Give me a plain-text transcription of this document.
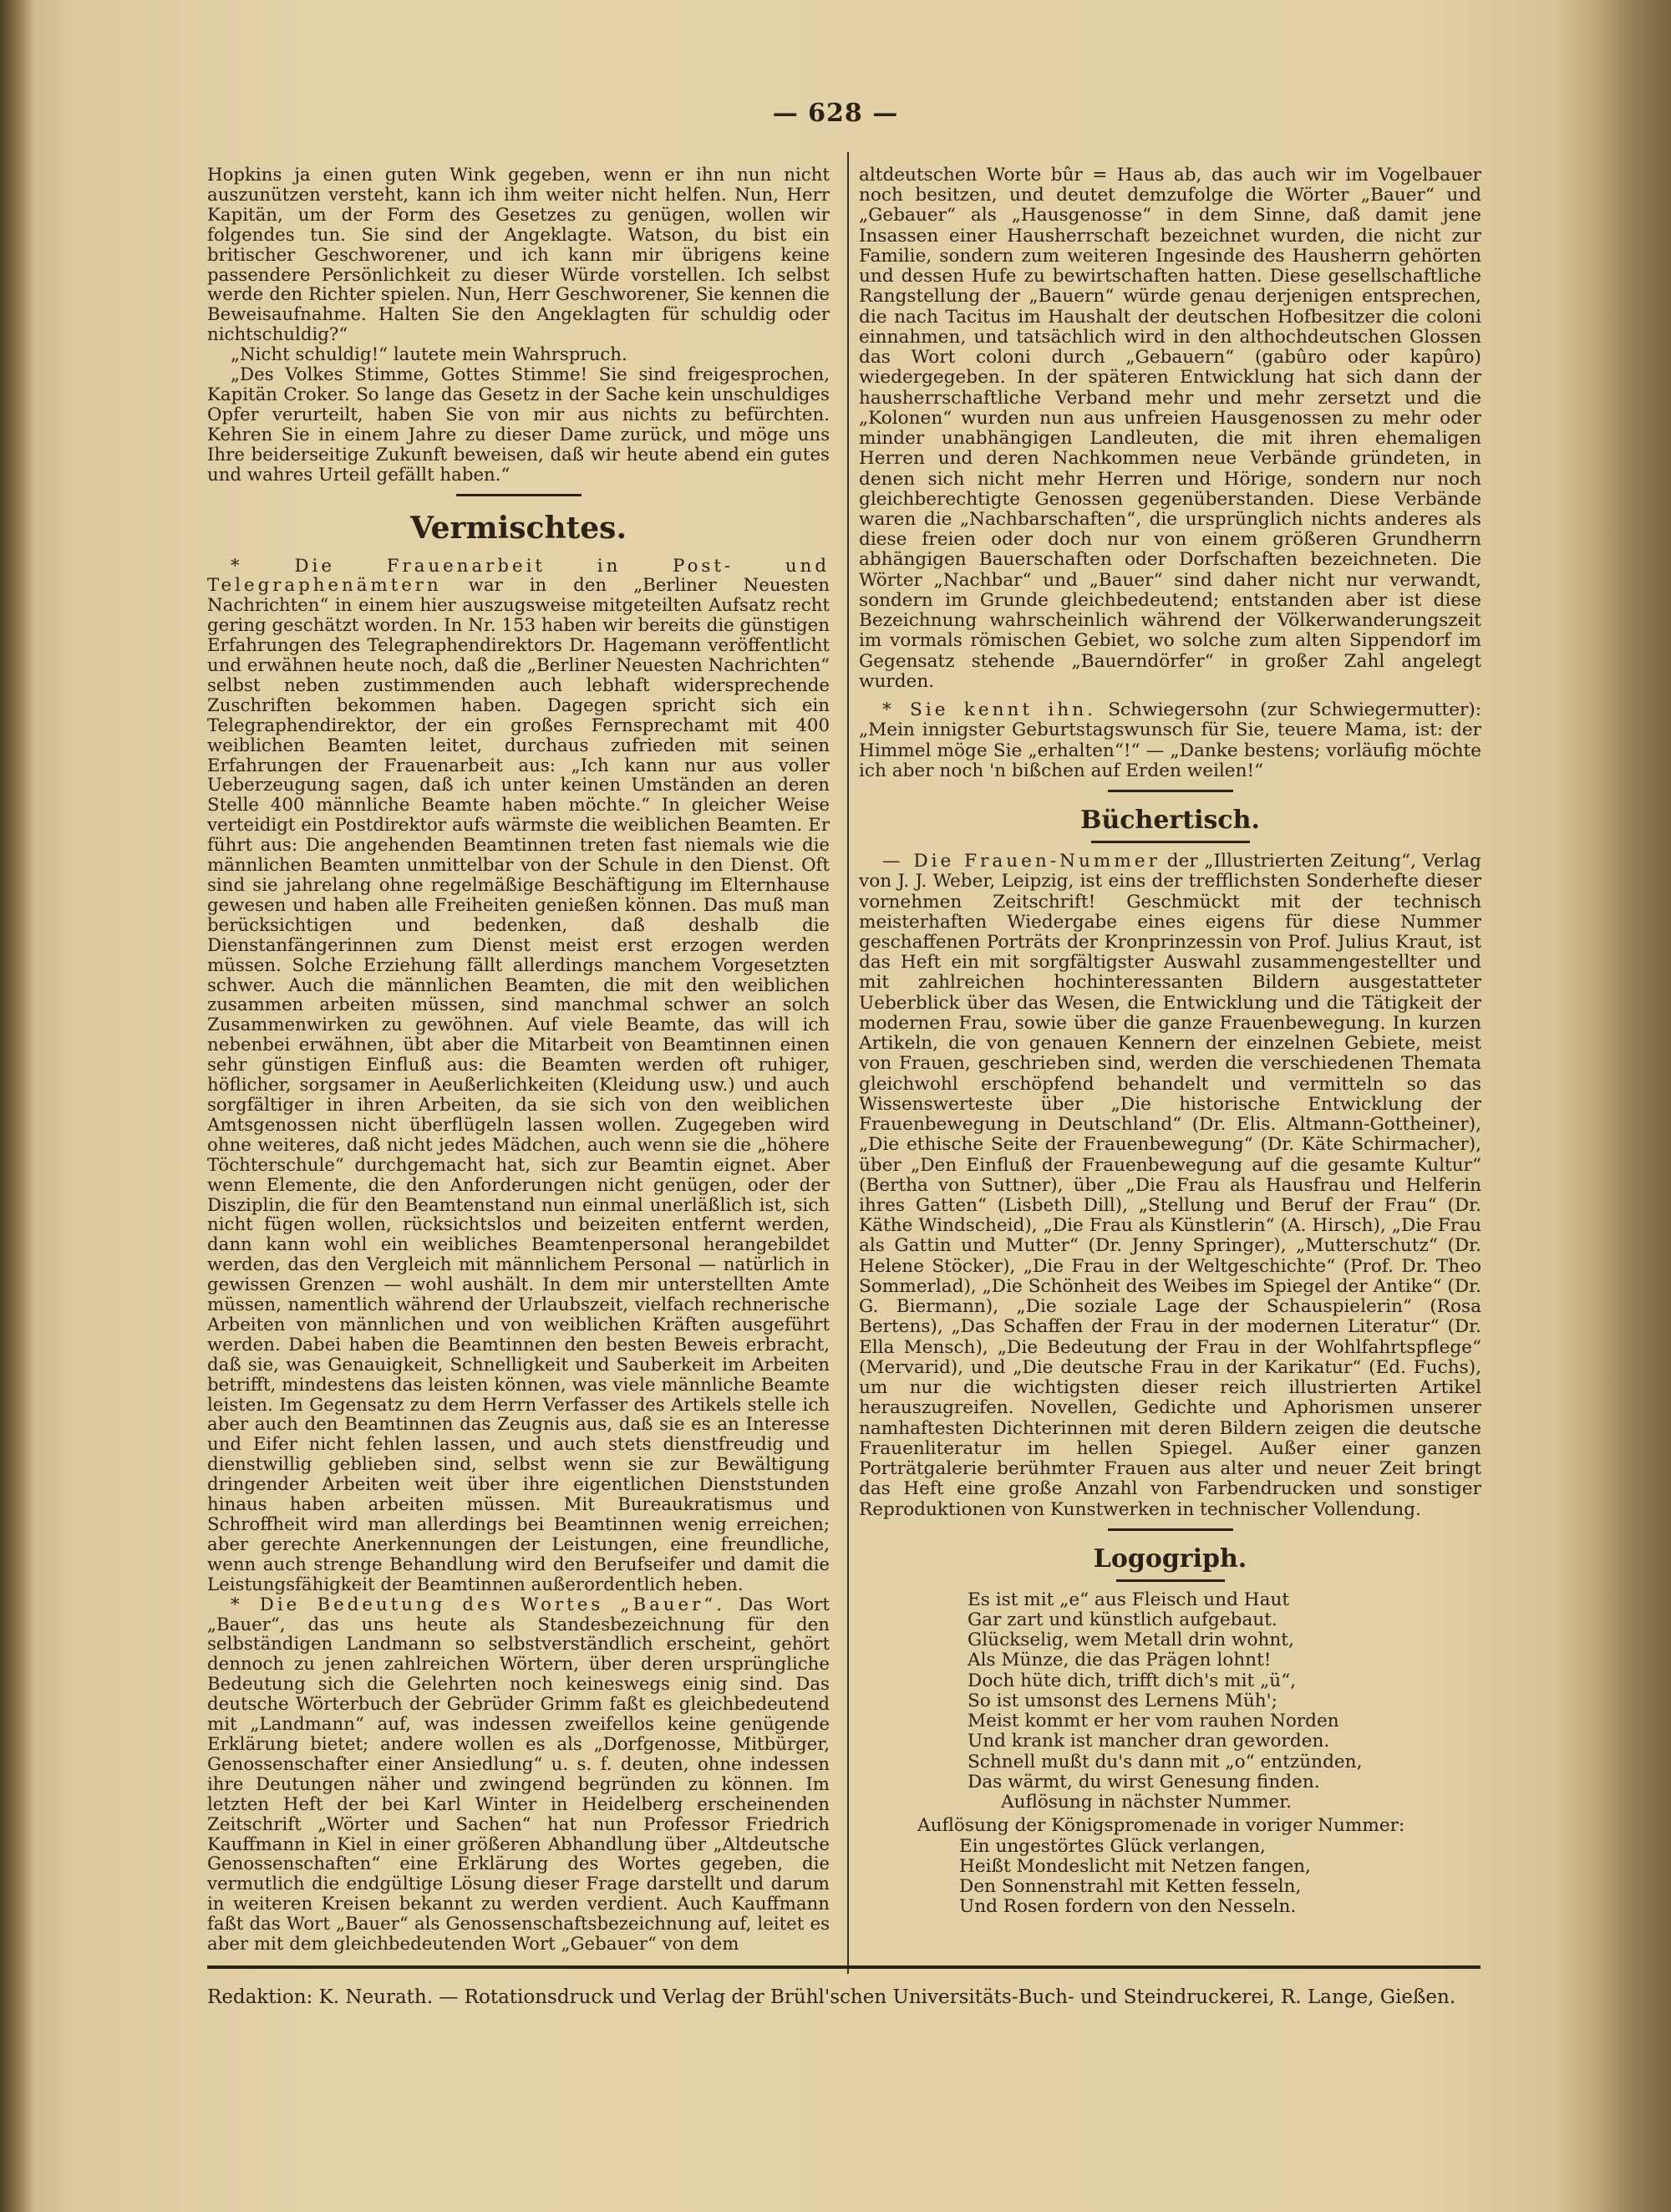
— 628 —

Hopkins ja einen guten Wink gegeben, wenn er ihn nun nicht auszunützen versteht, kann ich ihm weiter nicht helfen. Nun, Herr Kapitän, um der Form des Gesetzes zu genügen, wollen wir folgendes tun. Sie sind der Angeklagte. Watson, du bist ein britischer Geschworener, und ich kann mir übrigens keine passendere Persönlichkeit zu dieser Würde vorstellen. Ich selbst werde den Richter spielen. Nun, Herr Geschworener, Sie kennen die Beweisaufnahme. Halten Sie den Angeklagten für schuldig oder nichtschuldig?“

„Nicht schuldig!“ lautete mein Wahrspruch.

„Des Volkes Stimme, Gottes Stimme! Sie sind freigesprochen, Kapitän Croker. So lange das Gesetz in der Sache kein unschuldiges Opfer verurteilt, haben Sie von mir aus nichts zu befürchten. Kehren Sie in einem Jahre zu dieser Dame zurück, und möge uns Ihre beiderseitige Zukunft beweisen, daß wir heute abend ein gutes und wahres Urteil gefällt haben.“

Vermischtes.

* Die Frauenarbeit in Post- und Telegraphenämtern war in den „Berliner Neuesten Nachrichten“ in einem hier auszugsweise mitgeteilten Aufsatz recht gering geschätzt worden. In Nr. 153 haben wir bereits die günstigen Erfahrungen des Telegraphendirektors Dr. Hagemann veröffentlicht und erwähnen heute noch, daß die „Berliner Neuesten Nachrichten“ selbst neben zustimmenden auch lebhaft widersprechende Zuschriften bekommen haben. Dagegen spricht sich ein Telegraphendirektor, der ein großes Fernsprechamt mit 400 weiblichen Beamten leitet, durchaus zufrieden mit seinen Erfahrungen der Frauenarbeit aus: „Ich kann nur aus voller Ueberzeugung sagen, daß ich unter keinen Umständen an deren Stelle 400 männliche Beamte haben möchte.“ In gleicher Weise verteidigt ein Postdirektor aufs wärmste die weiblichen Beamten. Er führt aus: Die angehenden Beamtinnen treten fast niemals wie die männlichen Beamten unmittelbar von der Schule in den Dienst. Oft sind sie jahrelang ohne regelmäßige Beschäftigung im Elternhause gewesen und haben alle Freiheiten genießen können. Das muß man berücksichtigen und bedenken, daß deshalb die Dienstanfängerinnen zum Dienst meist erst erzogen werden müssen. Solche Erziehung fällt allerdings manchem Vorgesetzten schwer. Auch die männlichen Beamten, die mit den weiblichen zusammen arbeiten müssen, sind manchmal schwer an solch Zusammenwirken zu gewöhnen. Auf viele Beamte, das will ich nebenbei erwähnen, übt aber die Mitarbeit von Beamtinnen einen sehr günstigen Einfluß aus: die Beamten werden oft ruhiger, höflicher, sorgsamer in Aeußerlichkeiten (Kleidung usw.) und auch sorgfältiger in ihren Arbeiten, da sie sich von den weiblichen Amtsgenossen nicht überflügeln lassen wollen. Zugegeben wird ohne weiteres, daß nicht jedes Mädchen, auch wenn sie die „höhere Töchterschule“ durchgemacht hat, sich zur Beamtin eignet. Aber wenn Elemente, die den Anforderungen nicht genügen, oder der Disziplin, die für den Beamtenstand nun einmal unerläßlich ist, sich nicht fügen wollen, rücksichtslos und beizeiten entfernt werden, dann kann wohl ein weibliches Beamtenpersonal herangebildet werden, das den Vergleich mit männlichem Personal — natürlich in gewissen Grenzen — wohl aushält. In dem mir unterstellten Amte müssen, namentlich während der Urlaubszeit, vielfach rechnerische Arbeiten von männlichen und von weiblichen Kräften ausgeführt werden. Dabei haben die Beamtinnen den besten Beweis erbracht, daß sie, was Genauigkeit, Schnelligkeit und Sauberkeit im Arbeiten betrifft, mindestens das leisten können, was viele männliche Beamte leisten. Im Gegensatz zu dem Herrn Verfasser des Artikels stelle ich aber auch den Beamtinnen das Zeugnis aus, daß sie es an Interesse und Eifer nicht fehlen lassen, und auch stets dienstfreudig und dienstwillig geblieben sind, selbst wenn sie zur Bewältigung dringender Arbeiten weit über ihre eigentlichen Dienststunden hinaus haben arbeiten müssen. Mit Bureaukratismus und Schroffheit wird man allerdings bei Beamtinnen wenig erreichen; aber gerechte Anerkennungen der Leistungen, eine freundliche, wenn auch strenge Behandlung wird den Berufseifer und damit die Leistungsfähigkeit der Beamtinnen außerordentlich heben.

* Die Bedeutung des Wortes „Bauer“. Das Wort „Bauer“, das uns heute als Standesbezeichnung für den selbständigen Landmann so selbstverständlich erscheint, gehört dennoch zu jenen zahlreichen Wörtern, über deren ursprüngliche Bedeutung sich die Gelehrten noch keineswegs einig sind. Das deutsche Wörterbuch der Gebrüder Grimm faßt es gleichbedeutend mit „Landmann“ auf, was indessen zweifellos keine genügende Erklärung bietet; andere wollen es als „Dorfgenosse, Mitbürger, Genossenschafter einer Ansiedlung“ u. s. f. deuten, ohne indessen ihre Deutungen näher und zwingend begründen zu können. Im letzten Heft der bei Karl Winter in Heidelberg erscheinenden Zeitschrift „Wörter und Sachen“ hat nun Professor Friedrich Kauffmann in Kiel in einer größeren Abhandlung über „Altdeutsche Genossenschaften“ eine Erklärung des Wortes gegeben, die vermutlich die endgültige Lösung dieser Frage darstellt und darum in weiteren Kreisen bekannt zu werden verdient. Auch Kauffmann faßt das Wort „Bauer“ als Genossenschaftsbezeichnung auf, leitet es aber mit dem gleichbedeutenden Wort „Gebauer“ von dem

altdeutschen Worte bûr = Haus ab, das auch wir im Vogelbauer noch besitzen, und deutet demzufolge die Wörter „Bauer“ und „Gebauer“ als „Hausgenosse“ in dem Sinne, daß damit jene Insassen einer Hausherrschaft bezeichnet wurden, die nicht zur Familie, sondern zum weiteren Ingesinde des Hausherrn gehörten und dessen Hufe zu bewirtschaften hatten. Diese gesellschaftliche Rangstellung der „Bauern“ würde genau derjenigen entsprechen, die nach Tacitus im Haushalt der deutschen Hofbesitzer die coloni einnahmen, und tatsächlich wird in den althochdeutschen Glossen das Wort coloni durch „Gebauern“ (gabûro oder kapûro) wiedergegeben. In der späteren Entwicklung hat sich dann der hausherrschaftliche Verband mehr und mehr zersetzt und die „Kolonen“ wurden nun aus unfreien Hausgenossen zu mehr oder minder unabhängigen Landleuten, die mit ihren ehemaligen Herren und deren Nachkommen neue Verbände gründeten, in denen sich nicht mehr Herren und Hörige, sondern nur noch gleichberechtigte Genossen gegenüberstanden. Diese Verbände waren die „Nachbarschaften“, die ursprünglich nichts anderes als diese freien oder doch nur von einem größeren Grundherrn abhängigen Bauerschaften oder Dorfschaften bezeichneten. Die Wörter „Nachbar“ und „Bauer“ sind daher nicht nur verwandt, sondern im Grunde gleichbedeutend; entstanden aber ist diese Bezeichnung wahrscheinlich während der Völkerwanderungszeit im vormals römischen Gebiet, wo solche zum alten Sippendorf im Gegensatz stehende „Bauerndörfer“ in großer Zahl angelegt wurden.

* Sie kennt ihn. Schwiegersohn (zur Schwiegermutter): „Mein innigster Geburtstagswunsch für Sie, teuere Mama, ist: der Himmel möge Sie „erhalten“!“ — „Danke bestens; vorläufig möchte ich aber noch 'n bißchen auf Erden weilen!“

Büchertisch.

— Die Frauen-Nummer der „Illustrierten Zeitung“, Verlag von J. J. Weber, Leipzig, ist eins der trefflichsten Sonderhefte dieser vornehmen Zeitschrift! Geschmückt mit der technisch meisterhaften Wiedergabe eines eigens für diese Nummer geschaffenen Porträts der Kronprinzessin von Prof. Julius Kraut, ist das Heft ein mit sorgfältigster Auswahl zusammengestellter und mit zahlreichen hochinteressanten Bildern ausgestatteter Ueberblick über das Wesen, die Entwicklung und die Tätigkeit der modernen Frau, sowie über die ganze Frauenbewegung. In kurzen Artikeln, die von genauen Kennern der einzelnen Gebiete, meist von Frauen, geschrieben sind, werden die verschiedenen Themata gleichwohl erschöpfend behandelt und vermitteln so das Wissenswerteste über „Die historische Entwicklung der Frauenbewegung in Deutschland“ (Dr. Elis. Altmann-Gottheiner), „Die ethische Seite der Frauenbewegung“ (Dr. Käte Schirmacher), über „Den Einfluß der Frauenbewegung auf die gesamte Kultur“ (Bertha von Suttner), über „Die Frau als Hausfrau und Helferin ihres Gatten“ (Lisbeth Dill), „Stellung und Beruf der Frau“ (Dr. Käthe Windscheid), „Die Frau als Künstlerin“ (A. Hirsch), „Die Frau als Gattin und Mutter“ (Dr. Jenny Springer), „Mutterschutz“ (Dr. Helene Stöcker), „Die Frau in der Weltgeschichte“ (Prof. Dr. Theo Sommerlad), „Die Schönheit des Weibes im Spiegel der Antike“ (Dr. G. Biermann), „Die soziale Lage der Schauspielerin“ (Rosa Bertens), „Das Schaffen der Frau in der modernen Literatur“ (Dr. Ella Mensch), „Die Bedeutung der Frau in der Wohlfahrtspflege“ (Mervarid), und „Die deutsche Frau in der Karikatur“ (Ed. Fuchs), um nur die wichtigsten dieser reich illustrierten Artikel herauszugreifen. Novellen, Gedichte und Aphorismen unserer namhaftesten Dichterinnen mit deren Bildern zeigen die deutsche Frauenliteratur im hellen Spiegel. Außer einer ganzen Porträtgalerie berühmter Frauen aus alter und neuer Zeit bringt das Heft eine große Anzahl von Farbendrucken und sonstiger Reproduktionen von Kunstwerken in technischer Vollendung.

Logogriph.
Es ist mit „e“ aus Fleisch und Haut
Gar zart und künstlich aufgebaut.
Glückselig, wem Metall drin wohnt,
Als Münze, die das Prägen lohnt!
Doch hüte dich, trifft dich's mit „ü“,
So ist umsonst des Lernens Müh';
Meist kommt er her vom rauhen Norden
Und krank ist mancher dran geworden.
Schnell mußt du's dann mit „o“ entzünden,
Das wärmt, du wirst Genesung finden.
Auflösung in nächster Nummer.
Auflösung der Königspromenade in voriger Nummer:
Ein ungestörtes Glück verlangen,
Heißt Mondeslicht mit Netzen fangen,
Den Sonnenstrahl mit Ketten fesseln,
Und Rosen fordern von den Nesseln.
Redaktion: K. Neurath. — Rotationsdruck und Verlag der Brühl'schen Universitäts-Buch- und Steindruckerei, R. Lange, Gießen.
